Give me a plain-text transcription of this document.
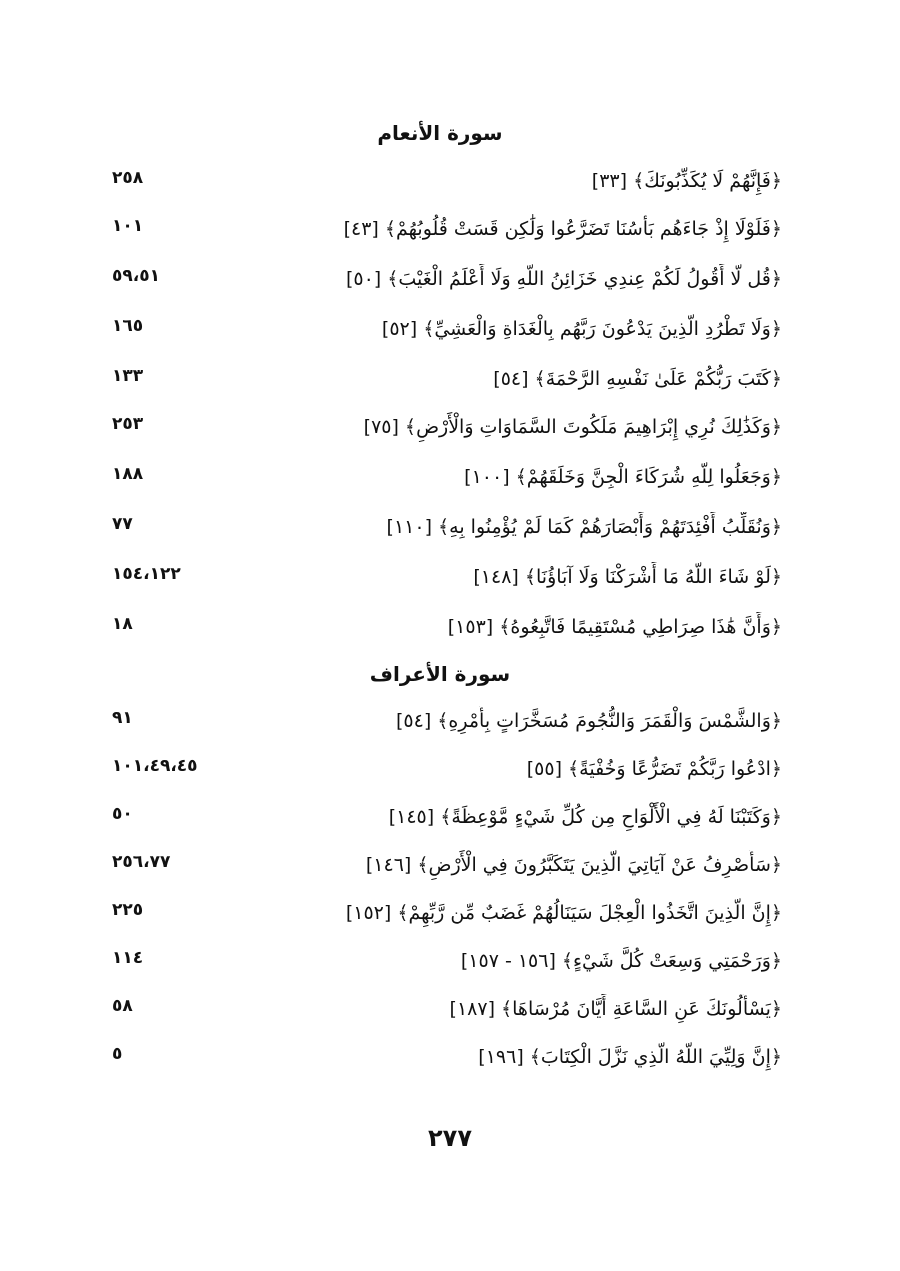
سورة الأنعام
﴿فَإِنَّهُمْ لَا يُكَذِّبُونَكَ﴾ [٣٣]
٢٥٨
﴿فَلَوْلَا إِذْ جَاءَهُم بَأْسُنَا تَضَرَّعُوا وَلَٰكِن قَسَتْ قُلُوبُهُمْ﴾ [٤٣]
١٠١
﴿قُل لَّا أَقُولُ لَكُمْ عِندِي خَزَائِنُ اللَّهِ وَلَا أَعْلَمُ الْغَيْبَ﴾ [٥٠]
٥٩،٥١
﴿وَلَا تَطْرُدِ الَّذِينَ يَدْعُونَ رَبَّهُم بِالْغَدَاةِ وَالْعَشِيِّ﴾ [٥٢]
١٦٥
﴿كَتَبَ رَبُّكُمْ عَلَىٰ نَفْسِهِ الرَّحْمَةَ﴾ [٥٤]
١٣٣
﴿وَكَذَٰلِكَ نُرِي إِبْرَاهِيمَ مَلَكُوتَ السَّمَاوَاتِ وَالْأَرْضِ﴾ [٧٥]
٢٥٣
﴿وَجَعَلُوا لِلَّهِ شُرَكَاءَ الْجِنَّ وَخَلَقَهُمْ﴾ [١٠٠]
١٨٨
﴿وَنُقَلِّبُ أَفْئِدَتَهُمْ وَأَبْصَارَهُمْ كَمَا لَمْ يُؤْمِنُوا بِهِ﴾ [١١٠]
٧٧
﴿لَوْ شَاءَ اللَّهُ مَا أَشْرَكْنَا وَلَا آبَاؤُنَا﴾ [١٤٨]
١٥٤،١٢٢
﴿وَأَنَّ هَٰذَا صِرَاطِي مُسْتَقِيمًا فَاتَّبِعُوهُ﴾ [١٥٣]
١٨
سورة الأعراف
﴿وَالشَّمْسَ وَالْقَمَرَ وَالنُّجُومَ مُسَخَّرَاتٍ بِأَمْرِهِ﴾ [٥٤]
٩١
﴿ادْعُوا رَبَّكُمْ تَضَرُّعًا وَخُفْيَةً﴾ [٥٥]
١٠١،٤٩،٤٥
﴿وَكَتَبْنَا لَهُ فِي الْأَلْوَاحِ مِن كُلِّ شَيْءٍ مَّوْعِظَةً﴾ [١٤٥]
٥٠
﴿سَأَصْرِفُ عَنْ آيَاتِيَ الَّذِينَ يَتَكَبَّرُونَ فِي الْأَرْضِ﴾ [١٤٦]
٢٥٦،٧٧
﴿إِنَّ الَّذِينَ اتَّخَذُوا الْعِجْلَ سَيَنَالُهُمْ غَضَبٌ مِّن رَّبِّهِمْ﴾ [١٥٢]
٢٢٥
﴿وَرَحْمَتِي وَسِعَتْ كُلَّ شَيْءٍ﴾ [١٥٦ - ١٥٧]
١١٤
﴿يَسْأَلُونَكَ عَنِ السَّاعَةِ أَيَّانَ مُرْسَاهَا﴾ [١٨٧]
٥٨
﴿إِنَّ وَلِيِّيَ اللَّهُ الَّذِي نَزَّلَ الْكِتَابَ﴾ [١٩٦]
٥
٢٧٧
